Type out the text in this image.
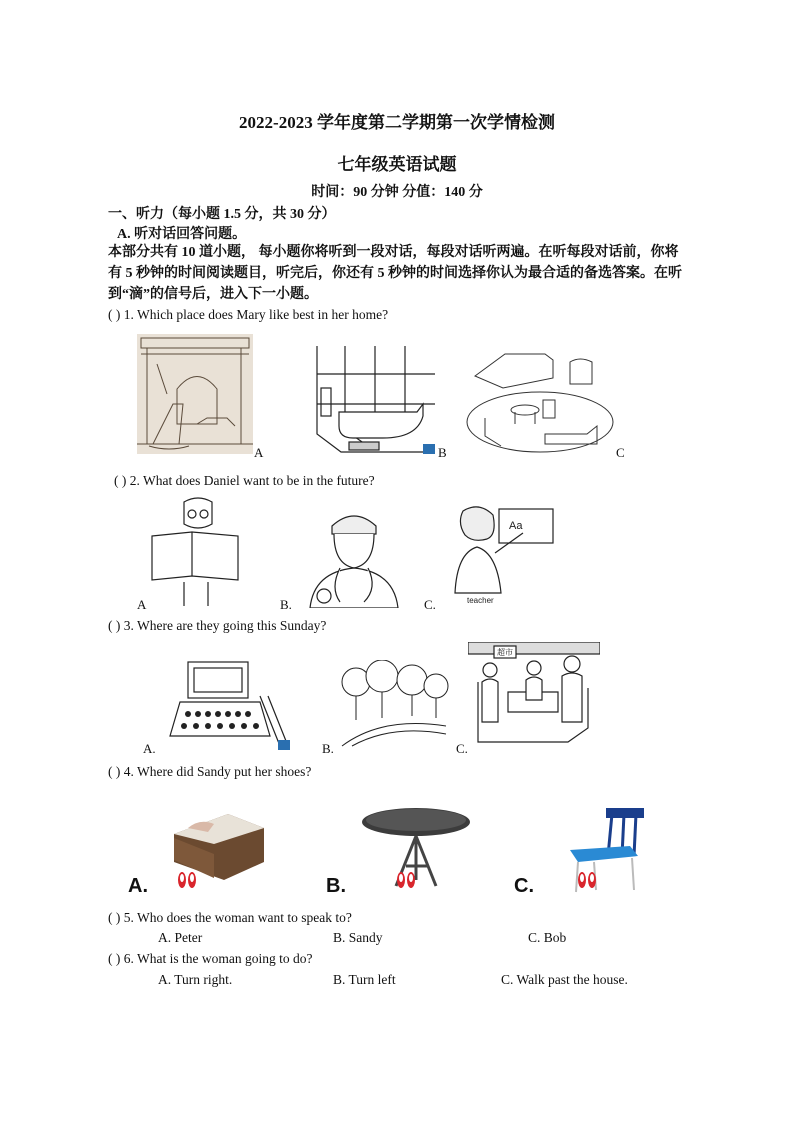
2022-2023 学年度第二学期第一次学情检测
七年级英语试题
时间：90 分钟 分值：140 分
一、听力（每小题 1.5 分，共 30 分）
A. 听对话回答问题。
本部分共有 10 道小题， 每小题你将听到一段对话，每段对话听两遍。在听每段对话前，你将有 5 秒钟的时间阅读题目，听完后，你还有 5 秒钟的时间选择你认为最合适的备选答案。在听到“滴”的信号后，进入下一小题。
( ) 1. Which place does Mary like best in her home?
A	B	C
( ) 2. What does Daniel want to be in the future?
A	B.
Aa
teacher
C.
( ) 3. Where are they going this Sunday?
A.	B.
超市
C.
( ) 4. Where did Sandy put her shoes?
A.	B.	C.
( ) 5. Who does the woman want to speak to?
A. Peter	B. Sandy	C. Bob
( ) 6. What is the woman going to do?
A. Turn right.	B. Turn left	C. Walk past the house.
